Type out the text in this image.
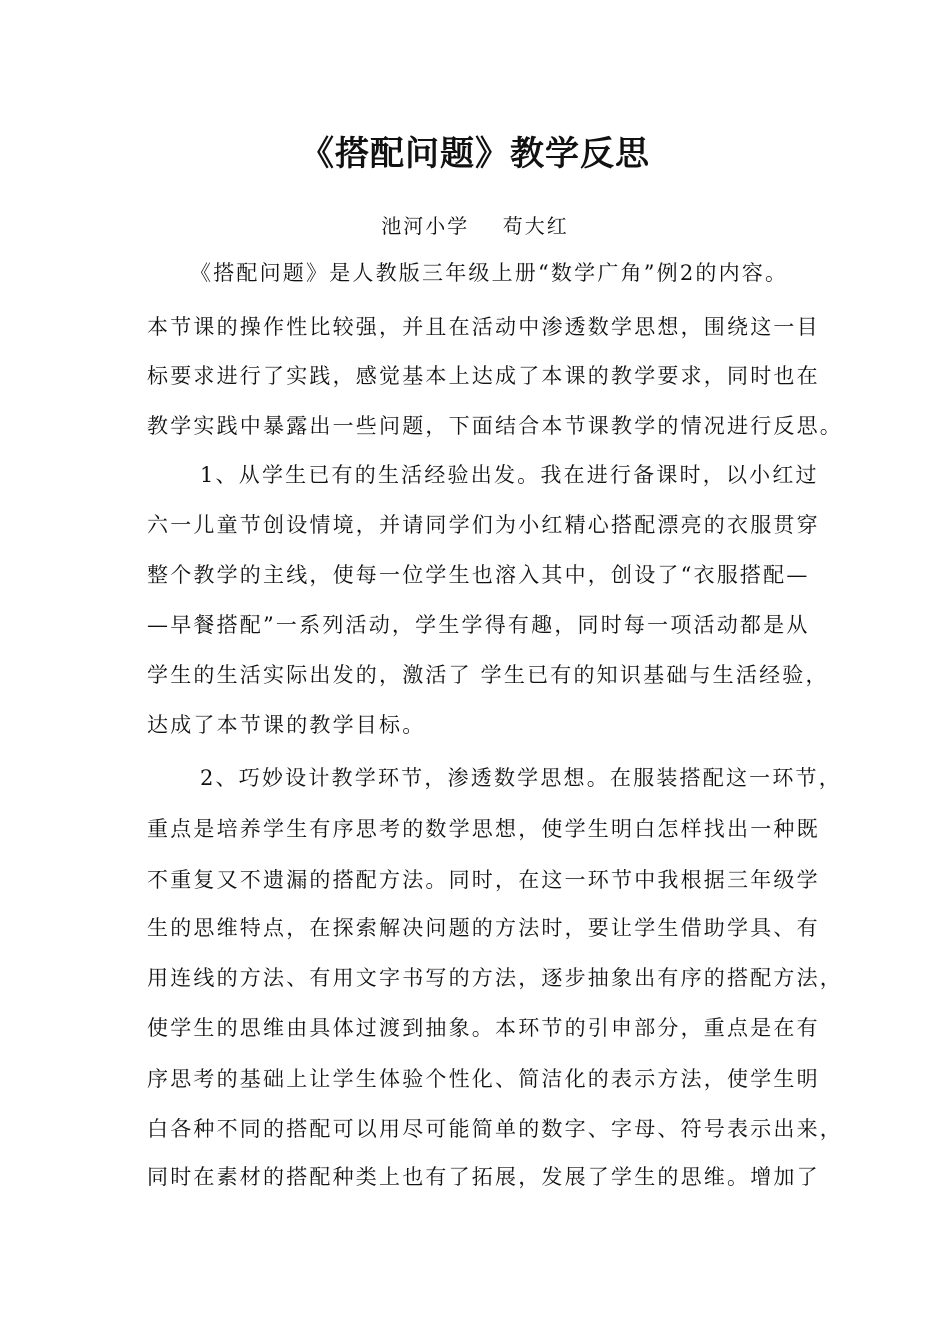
《搭配问题》教学反思
池河小学    苟大红
《搭配问题》是人教版三年级上册“数学广角”例2的内容。
本节课的操作性比较强，并且在活动中渗透数学思想，围绕这一目
标要求进行了实践，感觉基本上达成了本课的教学要求，同时也在
教学实践中暴露出一些问题，下面结合本节课教学的情况进行反思。
1、从学生已有的生活经验出发。我在进行备课时，以小红过
六一儿童节创设情境，并请同学们为小红精心搭配漂亮的衣服贯穿
整个教学的主线，使每一位学生也溶入其中，创设了“衣服搭配—
—早餐搭配”一系列活动，学生学得有趣，同时每一项活动都是从
学生的生活实际出发的，激活了 学生已有的知识基础与生活经验，
达成了本节课的教学目标。
2、巧妙设计教学环节，渗透数学思想。在服装搭配这一环节，
重点是培养学生有序思考的数学思想，使学生明白怎样找出一种既
不重复又不遗漏的搭配方法。同时，在这一环节中我根据三年级学
生的思维特点，在探索解决问题的方法时，要让学生借助学具、有
用连线的方法、有用文字书写的方法，逐步抽象出有序的搭配方法，
使学生的思维由具体过渡到抽象。本环节的引申部分，重点是在有
序思考的基础上让学生体验个性化、简洁化的表示方法，使学生明
白各种不同的搭配可以用尽可能简单的数字、字母、符号表示出来，
同时在素材的搭配种类上也有了拓展，发展了学生的思维。增加了
